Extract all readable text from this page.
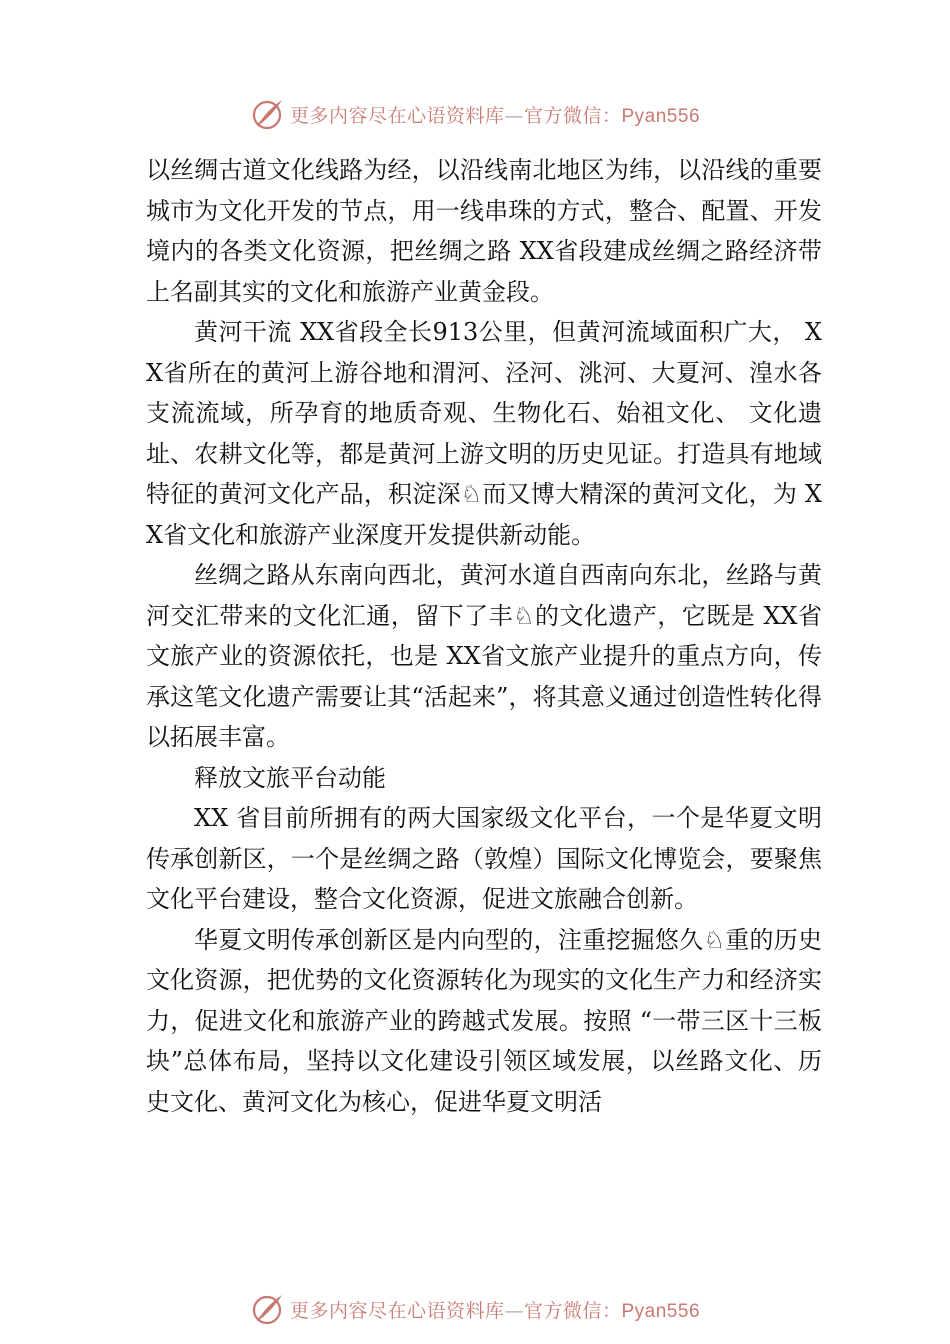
更多内容尽在心语资料库—官方微信：Pyan556

以丝绸古道文化线路为经，以沿线南北地区为纬，以沿线的重要城市为文化开发的节点，用一线串珠的方式，整合、配置、开发境内的各类文化资源，把丝绸之路 XX省段建成丝绸之路经济带上名副其实的文化和旅游产业黄金段。

黄河干流 XX省段全长913公里，但黄河流域面积广大， XX省所在的黄河上游谷地和渭河、泾河、洮河、大夏河、湟水各支流流域，所孕育的地质奇观、生物化石、始祖文化、 文化遗址、农耕文化等，都是黄河上游文明的历史见证。打造具有地域特征的黄河文化产品，积淀深♘而又博大精深的黄河文化，为 XX省文化和旅游产业深度开发提供新动能。

丝绸之路从东南向西北，黄河水道自西南向东北，丝路与黄河交汇带来的文化汇通，留下了丰♘的文化遗产，它既是 XX省文旅产业的资源依托，也是 XX省文旅产业提升的重点方向，传承这笔文化遗产需要让其“活起来”，将其意义通过创造性转化得以拓展丰富。

释放文旅平台动能

XX 省目前所拥有的两大国家级文化平台，一个是华夏文明传承创新区，一个是丝绸之路（敦煌）国际文化博览会，要聚焦文化平台建设，整合文化资源，促进文旅融合创新。

华夏文明传承创新区是内向型的，注重挖掘悠久♘重的历史文化资源，把优势的文化资源转化为现实的文化生产力和经济实力，促进文化和旅游产业的跨越式发展。按照 “一带三区十三板块”总体布局，坚持以文化建设引领区域发展，以丝路文化、历史文化、黄河文化为核心，促进华夏文明活

更多内容尽在心语资料库—官方微信：Pyan556
